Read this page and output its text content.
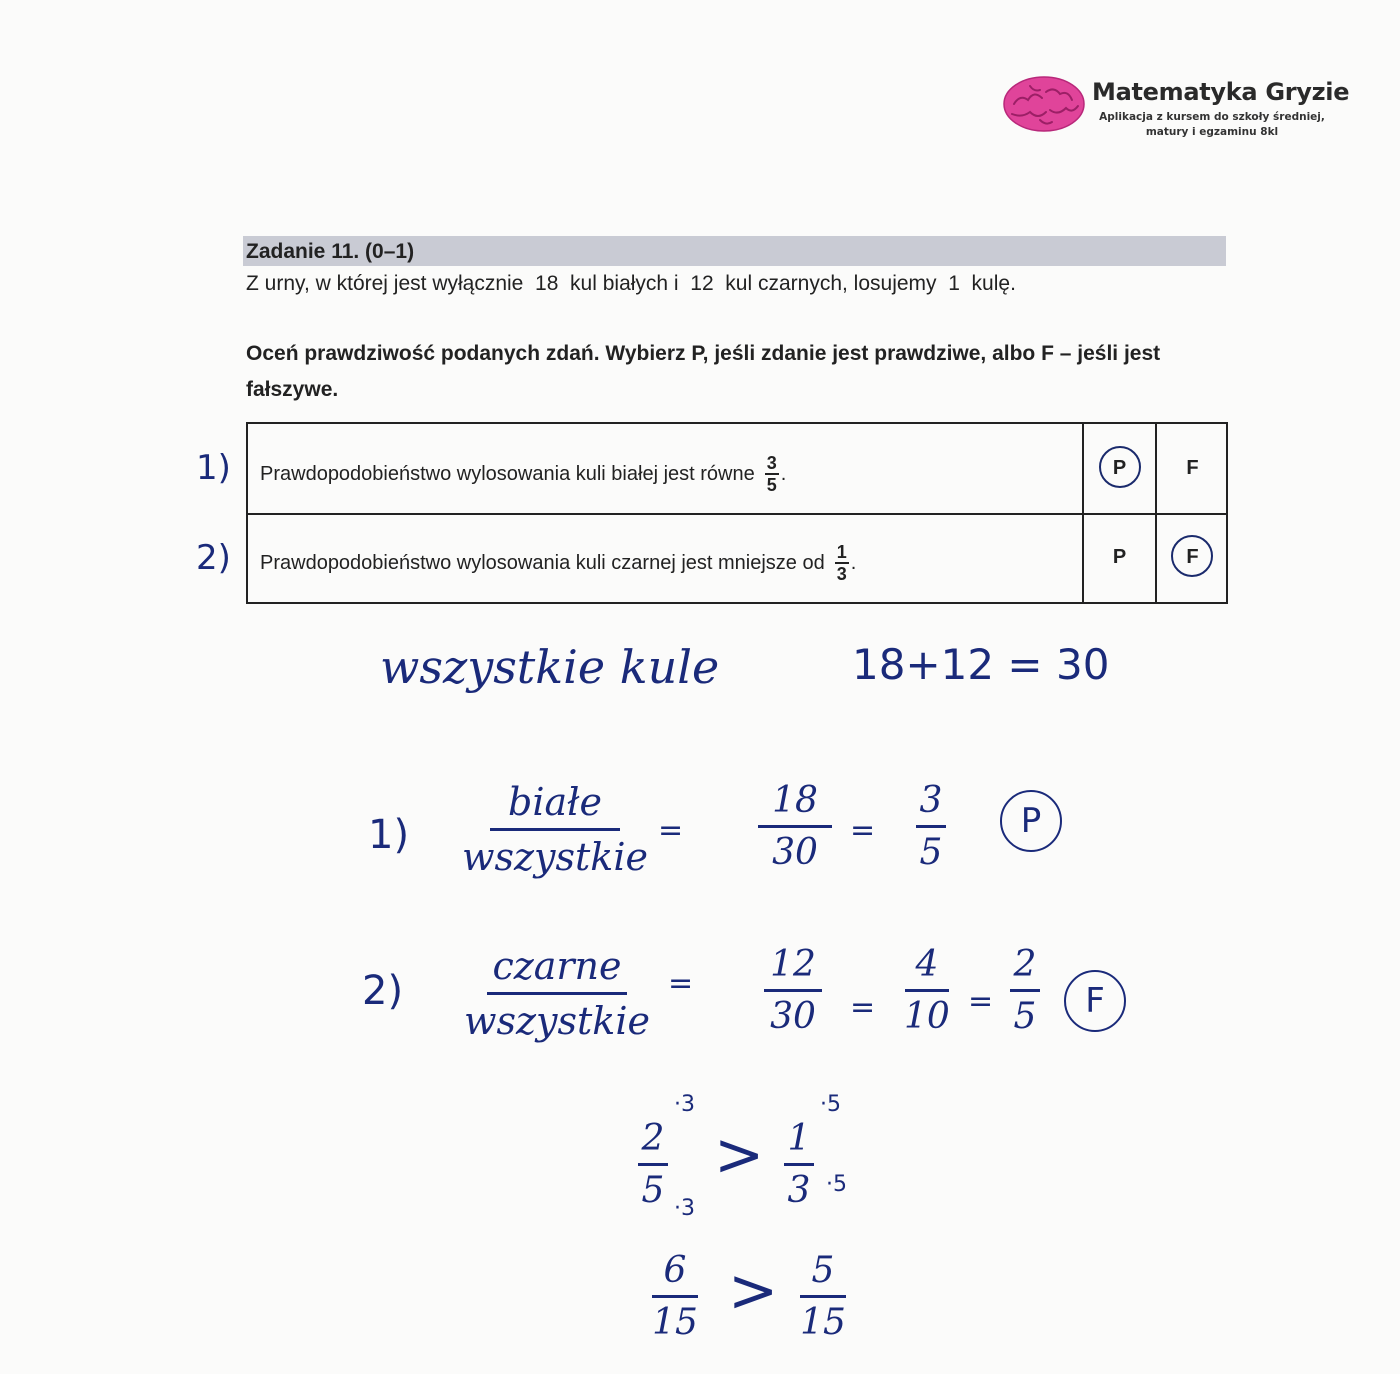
Matematyka Gryzie
Aplikacja z kursem do szkoły średniej, matury i egzaminu 8kl
Zadanie 11. (0–1)
Z urny, w której jest wyłącznie  18  kul białych i  12  kul czarnych, losujemy  1  kulę.
Oceń prawdziwość podanych zdań. Wybierz P, jeśli zdanie jest prawdziwe, albo F – jeśli jest fałszywe.
1)
2)
Prawdopodobieństwo wylosowania kuli białej jest równe $\frac{3}{5}$ .	P	F
Prawdopodobieństwo wylosowania kuli czarnej jest mniejsze od $\frac{1}{3}$ .	P	F
wszystkie kule	18+12 = 30
1)
białe
wszystkie
=
18
30
=
3
5
P
2)
czarne
wszystkie
= 12
30 =
4
10 =
2
5	F
2
5
·3
·3
> 1
3
·5
·5
6
15 > 5
15
